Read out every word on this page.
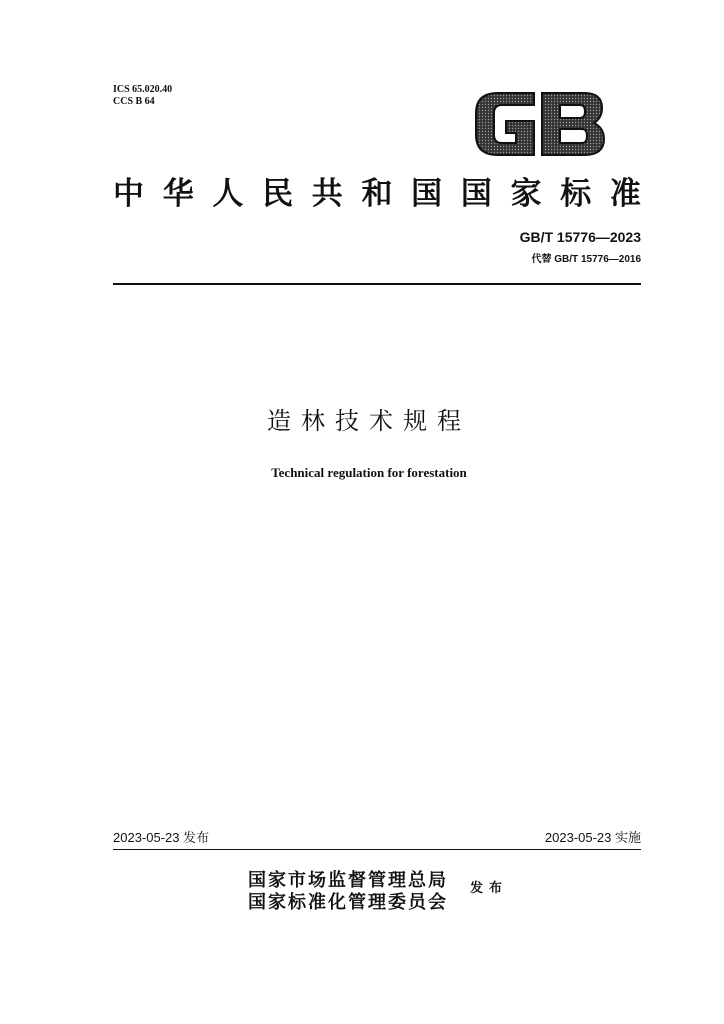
ICS 65.020.40
CCS B 64
中 华 人 民 共 和 国 国 家 标 准
GB/T 15776—2023
代替 GB/T 15776—2016
造林技术规程
Technical regulation for forestation
2023-05-23 发布	2023-05-23 实施
国家市场监督管理总局
国家标准化管理委员会
发布
